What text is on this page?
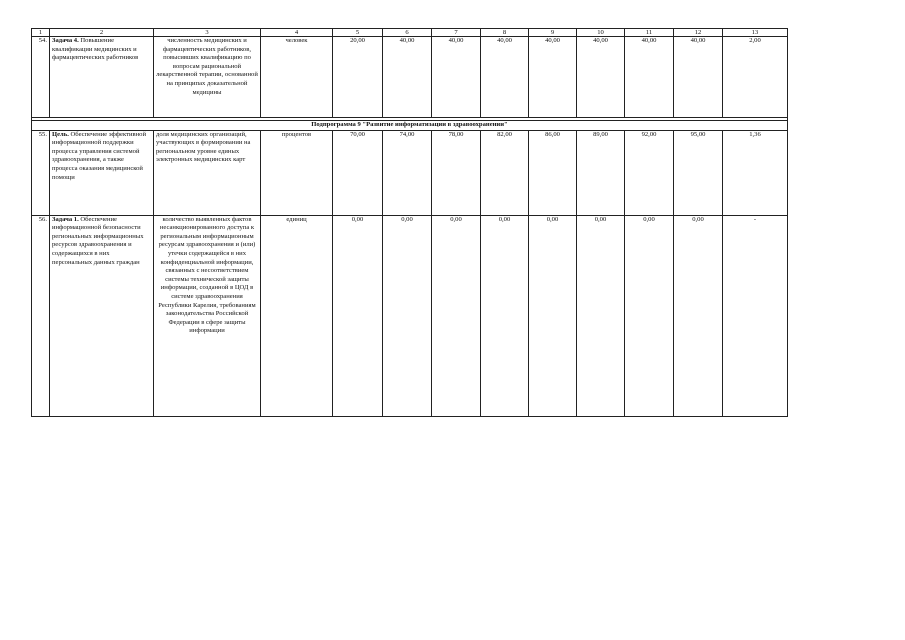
1	2	3	4	5	6	7	8	9	10	11	12	13
54.	Задача 4. Повышение квалификации медицинских и фармацевтических работников	численность медицинских и фармацевтических работников, повысивших квалификацию по вопросам рациональной лекарственной терапии, основанной на принципах доказательной медицины	человек	20,00	40,00	40,00	40,00	40,00	40,00	40,00	40,00	2,00

Подпрограмма 9 "Развитие информатизации в здравоохранении"												
55.	Цель. Обеспечение эффективной информационной поддержки процесса управления системой здравоохранения, а также процесса оказания медицинской помощи	доля медицинских организаций, участвующих в формировании на региональном уровне единых электронных медицинских карт	процентов	70,00	74,00	78,00	82,00	86,00	89,00	92,00	95,00	1,36
56.	Задача 1. Обеспечение информационной безопасности региональных информационных ресурсов здравоохранения и содержащихся в них персональных данных граждан	количество выявленных фактов несанкционированного доступа к региональным информационным ресурсам здравоохранения и (или) утечки содержащейся в них конфиденциальной информации, связанных с несоответствием системы технической защиты информации, созданной в ЦОД в системе здравоохранения Республики Карелия, требованиям законодательства Российской Федерации в сфере защиты информации	единиц	0,00	0,00	0,00	0,00	0,00	0,00	0,00	0,00	-
